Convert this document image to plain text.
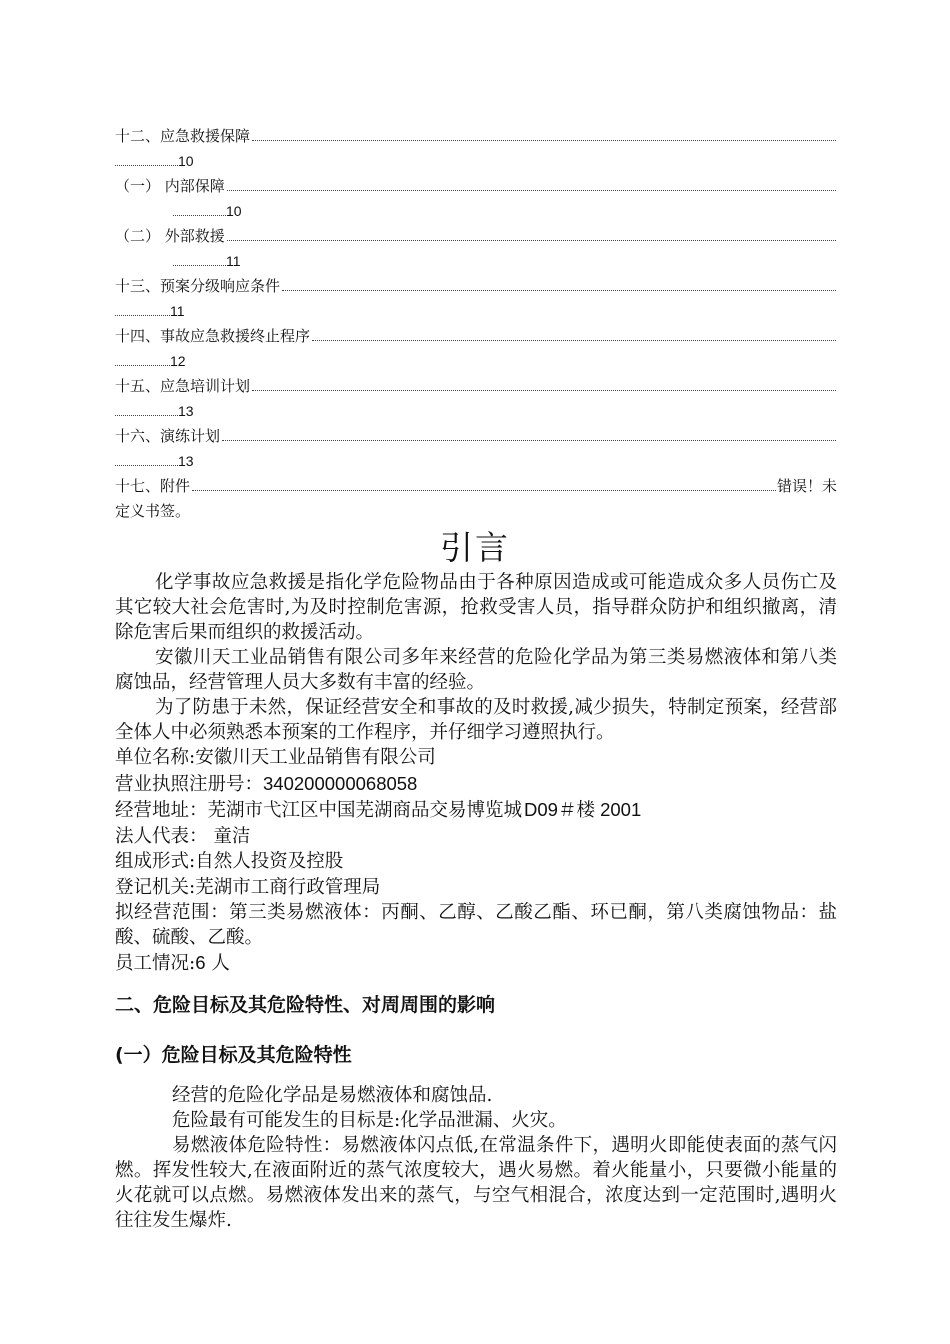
十二、应急救援保障
10
（一） 内部保障
10
（二） 外部救援
11
十三、预案分级响应条件
11
十四、事故应急救援终止程序
12
十五、应急培训计划
13
十六、演练计划
13
十七、附件	错误！未
定义书签。
引言

化学事故应急救援是指化学危险物品由于各种原因造成或可能造成众多人员伤亡及其它较大社会危害时,为及时控制危害源，抢救受害人员，指导群众防护和组织撤离，清除危害后果而组织的救援活动。

安徽川天工业品销售有限公司多年来经营的危险化学品为第三类易燃液体和第八类腐蚀品，经营管理人员大多数有丰富的经验。

为了防患于未然，保证经营安全和事故的及时救援,减少损失，特制定预案，经营部全体人中必须熟悉本预案的工作程序，并仔细学习遵照执行。

单位名称:安徽川天工业品销售有限公司

营业执照注册号：340200000068058

经营地址：芜湖市弋江区中国芜湖商品交易博览城 D09＃楼 2001

法人代表： 童洁

组成形式:自然人投资及控股

登记机关:芜湖市工商行政管理局

拟经营范围：第三类易燃液体：丙酮、乙醇、乙酸乙酯、环已酮，第八类腐蚀物品：盐酸、硫酸、乙酸。

员工情况:6 人

二、危险目标及其危险特性、对周周围的影响

(一）危险目标及其危险特性

经营的危险化学品是易燃液体和腐蚀品.

危险最有可能发生的目标是:化学品泄漏、火灾。

易燃液体危险特性：易燃液体闪点低,在常温条件下，遇明火即能使表面的蒸气闪燃。挥发性较大,在液面附近的蒸气浓度较大，遇火易燃。着火能量小，只要微小能量的火花就可以点燃。易燃液体发出来的蒸气，与空气相混合，浓度达到一定范围时,遇明火往往发生爆炸.
